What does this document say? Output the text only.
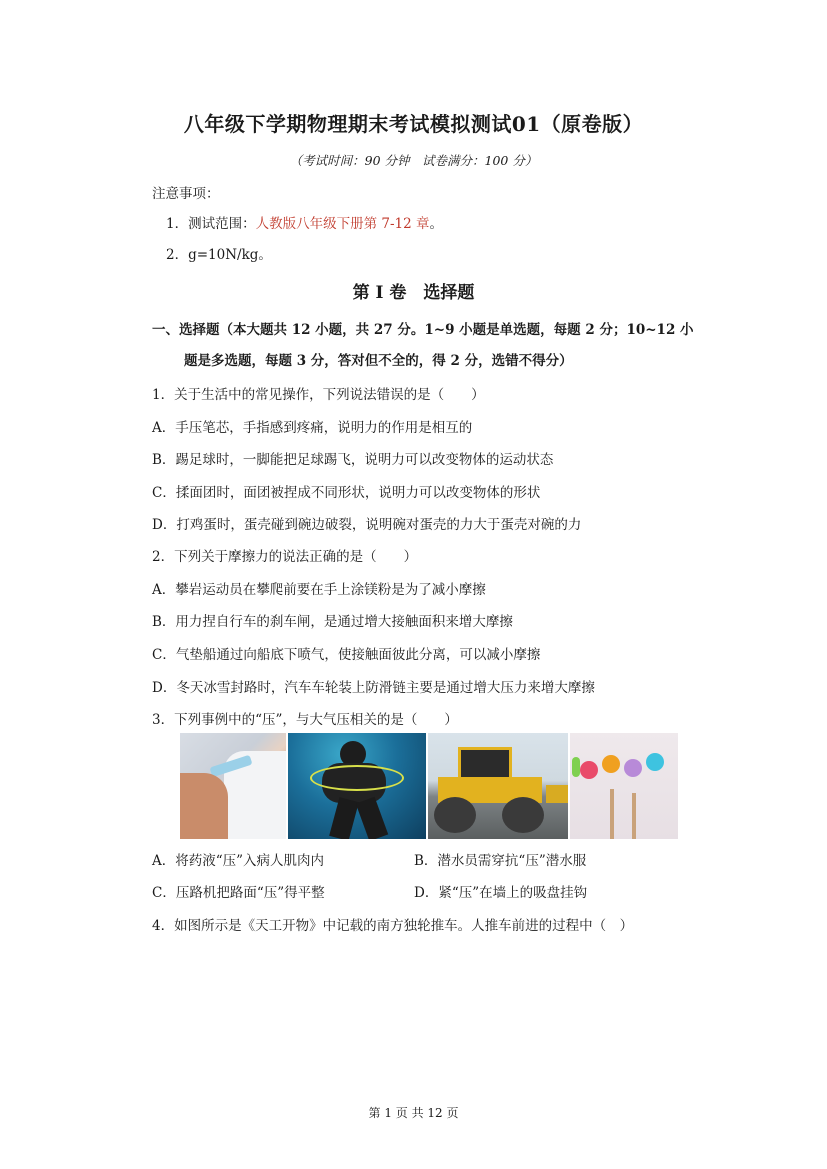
八年级下学期物理期末考试模拟测试01（原卷版）
（考试时间：90 分钟　试卷满分：100 分）
注意事项：
1．测试范围：人教版八年级下册第 7-12 章。
2．g=10N/kg。
第 I 卷　选择题
一、选择题（本大题共 12 小题，共 27 分。1~9 小题是单选题，每题 2 分；10~12 小
题是多选题，每题 3 分，答对但不全的，得 2 分，选错不得分）
1．关于生活中的常见操作，下列说法错误的是（　　）
A．手压笔芯，手指感到疼痛，说明力的作用是相互的
B．踢足球时，一脚能把足球踢飞，说明力可以改变物体的运动状态
C．揉面团时，面团被捏成不同形状，说明力可以改变物体的形状
D．打鸡蛋时，蛋壳碰到碗边破裂，说明碗对蛋壳的力大于蛋壳对碗的力
2．下列关于摩擦力的说法正确的是（　　）
A．攀岩运动员在攀爬前要在手上涂镁粉是为了减小摩擦
B．用力捏自行车的刹车闸，是通过增大接触面积来增大摩擦
C．气垫船通过向船底下喷气，使接触面彼此分离，可以减小摩擦
D．冬天冰雪封路时，汽车车轮装上防滑链主要是通过增大压力来增大摩擦
3．下列事例中的“压”，与大气压相关的是（　　）
A．将药液“压”入病人肌肉内	B．潜水员需穿抗“压”潜水服
C．压路机把路面“压”得平整	D．紧“压”在墙上的吸盘挂钩
4．如图所示是《天工开物》中记载的南方独轮推车。人推车前进的过程中（　）
第 1 页 共 12 页
